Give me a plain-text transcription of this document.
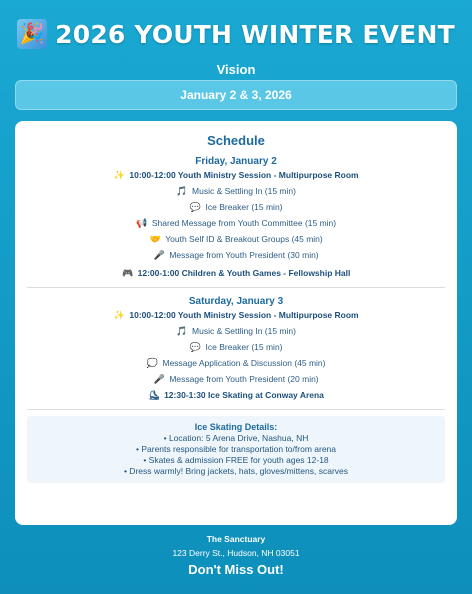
🎉 2026 YOUTH WINTER EVENT
Vision
January 2 & 3, 2026
Schedule
Friday, January 2
✨ 10:00-12:00 Youth Ministry Session - Multipurpose Room
🎵 Music & Settling In (15 min)
💬 Ice Breaker (15 min)
📢 Shared Message from Youth Committee (15 min)
🤝 Youth Self ID & Breakout Groups (45 min)
🎤 Message from Youth President (30 min)
🎮 12:00-1:00 Children & Youth Games - Fellowship Hall
Saturday, January 3
✨ 10:00-12:00 Youth Ministry Session - Multipurpose Room
🎵 Music & Settling In (15 min)
💬 Ice Breaker (15 min)
💭 Message Application & Discussion (45 min)
🎤 Message from Youth President (20 min)
⛸ 12:30-1:30 Ice Skating at Conway Arena
Ice Skating Details:
• Location: 5 Arena Drive, Nashua, NH
• Parents responsible for transportation to/from arena
• Skates & admission FREE for youth ages 12-18
• Dress warmly! Bring jackets, hats, gloves/mittens, scarves
The Sanctuary
123 Derry St., Hudson, NH 03051
Don't Miss Out!
